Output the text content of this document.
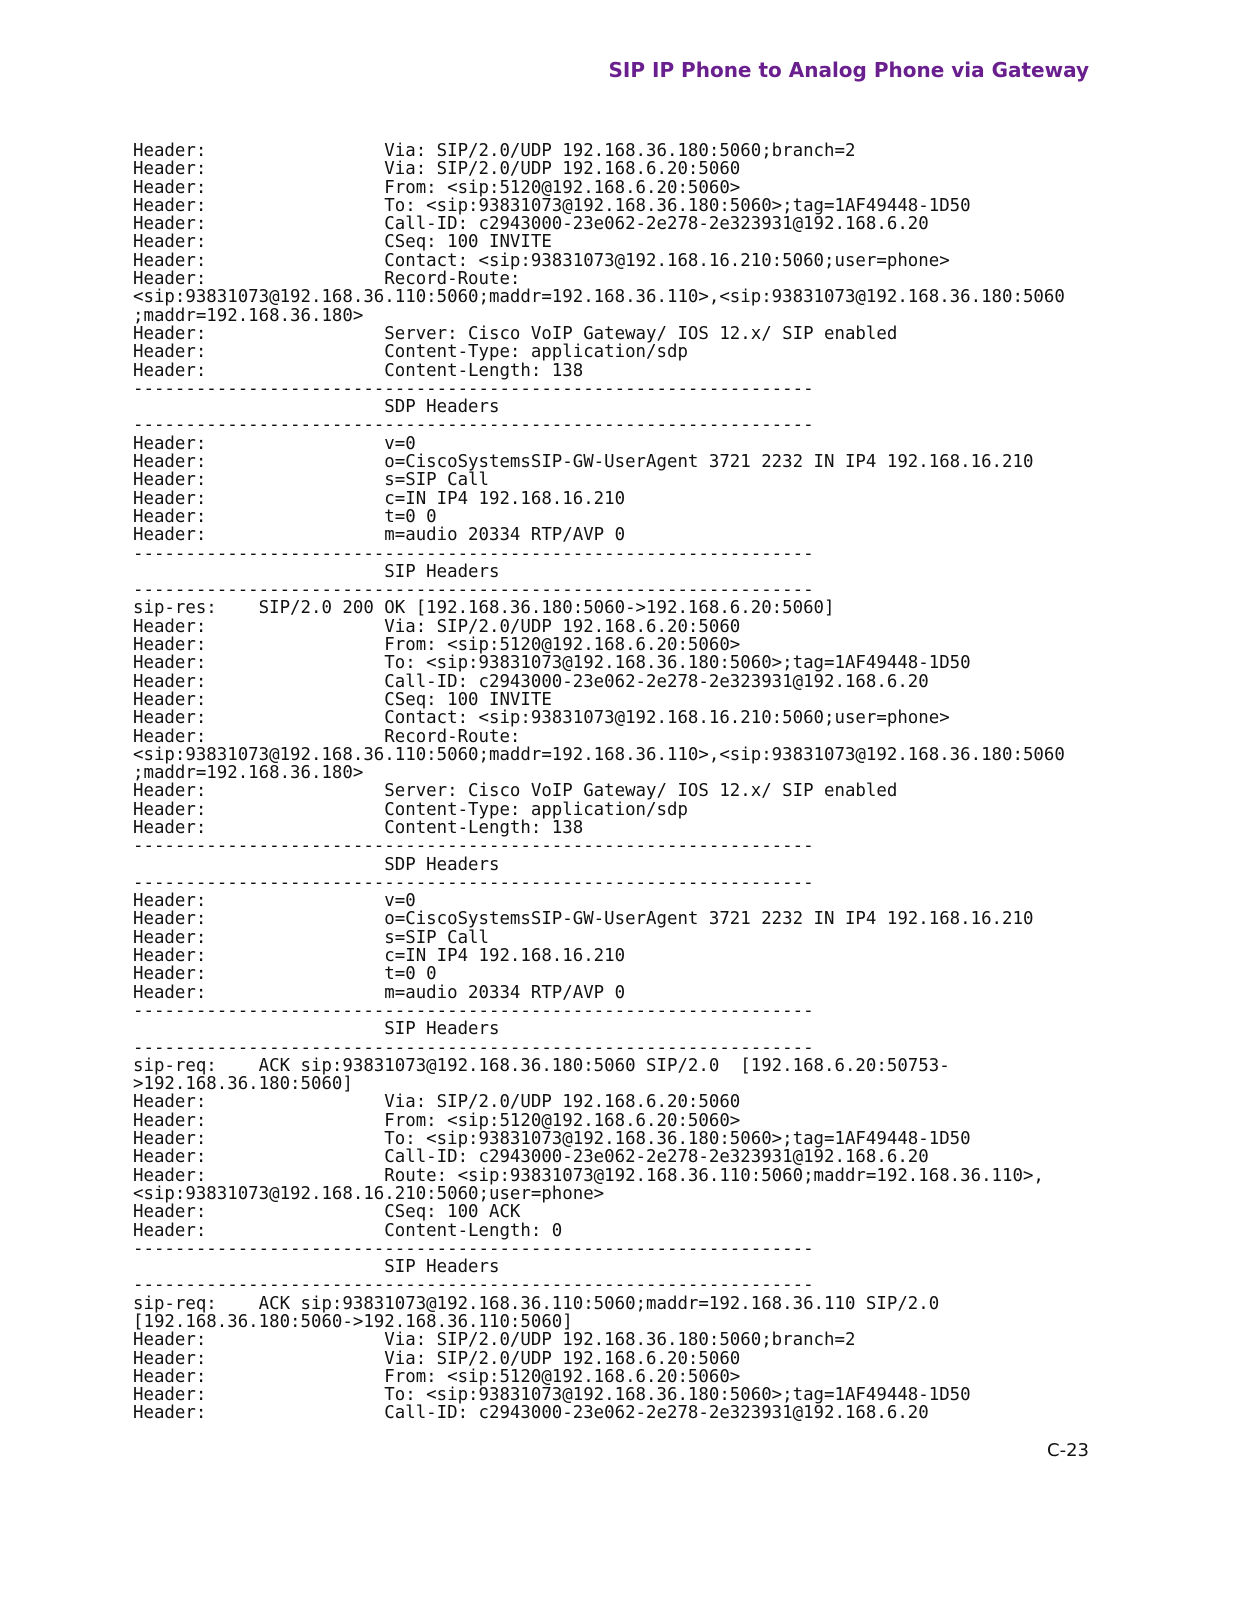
SIP IP Phone to Analog Phone via Gateway
Header:                 Via: SIP/2.0/UDP 192.168.36.180:5060;branch=2
Header:                 Via: SIP/2.0/UDP 192.168.6.20:5060
Header:                 From: <sip:5120@192.168.6.20:5060>
Header:                 To: <sip:93831073@192.168.36.180:5060>;tag=1AF49448-1D50
Header:                 Call-ID: c2943000-23e062-2e278-2e323931@192.168.6.20
Header:                 CSeq: 100 INVITE
Header:                 Contact: <sip:93831073@192.168.16.210:5060;user=phone>
Header:                 Record-Route:
<sip:93831073@192.168.36.110:5060;maddr=192.168.36.110>,<sip:93831073@192.168.36.180:5060
;maddr=192.168.36.180>
Header:                 Server: Cisco VoIP Gateway/ IOS 12.x/ SIP enabled
Header:                 Content-Type: application/sdp
Header:                 Content-Length: 138
-----------------------------------------------------------------
SDP Headers
-----------------------------------------------------------------
Header:                 v=0
Header:                 o=CiscoSystemsSIP-GW-UserAgent 3721 2232 IN IP4 192.168.16.210
Header:                 s=SIP Call
Header:                 c=IN IP4 192.168.16.210
Header:                 t=0 0
Header:                 m=audio 20334 RTP/AVP 0
-----------------------------------------------------------------
SIP Headers
-----------------------------------------------------------------
sip-res:    SIP/2.0 200 OK [192.168.36.180:5060->192.168.6.20:5060]
Header:                 Via: SIP/2.0/UDP 192.168.6.20:5060
Header:                 From: <sip:5120@192.168.6.20:5060>
Header:                 To: <sip:93831073@192.168.36.180:5060>;tag=1AF49448-1D50
Header:                 Call-ID: c2943000-23e062-2e278-2e323931@192.168.6.20
Header:                 CSeq: 100 INVITE
Header:                 Contact: <sip:93831073@192.168.16.210:5060;user=phone>
Header:                 Record-Route:
<sip:93831073@192.168.36.110:5060;maddr=192.168.36.110>,<sip:93831073@192.168.36.180:5060
;maddr=192.168.36.180>
Header:                 Server: Cisco VoIP Gateway/ IOS 12.x/ SIP enabled
Header:                 Content-Type: application/sdp
Header:                 Content-Length: 138
-----------------------------------------------------------------
SDP Headers
-----------------------------------------------------------------
Header:                 v=0
Header:                 o=CiscoSystemsSIP-GW-UserAgent 3721 2232 IN IP4 192.168.16.210
Header:                 s=SIP Call
Header:                 c=IN IP4 192.168.16.210
Header:                 t=0 0
Header:                 m=audio 20334 RTP/AVP 0
-----------------------------------------------------------------
SIP Headers
-----------------------------------------------------------------
sip-req:    ACK sip:93831073@192.168.36.180:5060 SIP/2.0  [192.168.6.20:50753-
>192.168.36.180:5060]
Header:                 Via: SIP/2.0/UDP 192.168.6.20:5060
Header:                 From: <sip:5120@192.168.6.20:5060>
Header:                 To: <sip:93831073@192.168.36.180:5060>;tag=1AF49448-1D50
Header:                 Call-ID: c2943000-23e062-2e278-2e323931@192.168.6.20
Header:                 Route: <sip:93831073@192.168.36.110:5060;maddr=192.168.36.110>,
<sip:93831073@192.168.16.210:5060;user=phone>
Header:                 CSeq: 100 ACK
Header:                 Content-Length: 0
-----------------------------------------------------------------
SIP Headers
-----------------------------------------------------------------
sip-req:    ACK sip:93831073@192.168.36.110:5060;maddr=192.168.36.110 SIP/2.0
[192.168.36.180:5060->192.168.36.110:5060]
Header:                 Via: SIP/2.0/UDP 192.168.36.180:5060;branch=2
Header:                 Via: SIP/2.0/UDP 192.168.6.20:5060
Header:                 From: <sip:5120@192.168.6.20:5060>
Header:                 To: <sip:93831073@192.168.36.180:5060>;tag=1AF49448-1D50
Header:                 Call-ID: c2943000-23e062-2e278-2e323931@192.168.6.20
C-23
